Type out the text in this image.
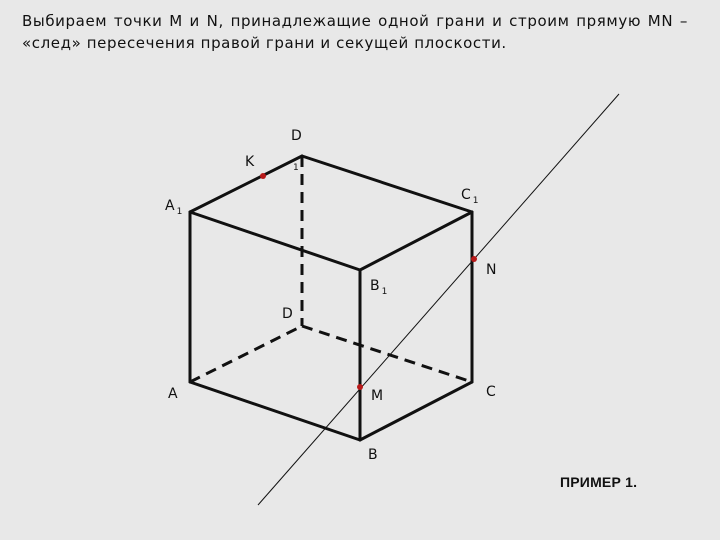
Выбираем точки M и N, принадлежащие одной грани и строим прямую MN – «след» пересечения правой грани и секущей плоскости.

D
1
K
$C_1$
$A_1$
N
$B_1$
D
A	M	C
B
ПРИМЕР 1.
